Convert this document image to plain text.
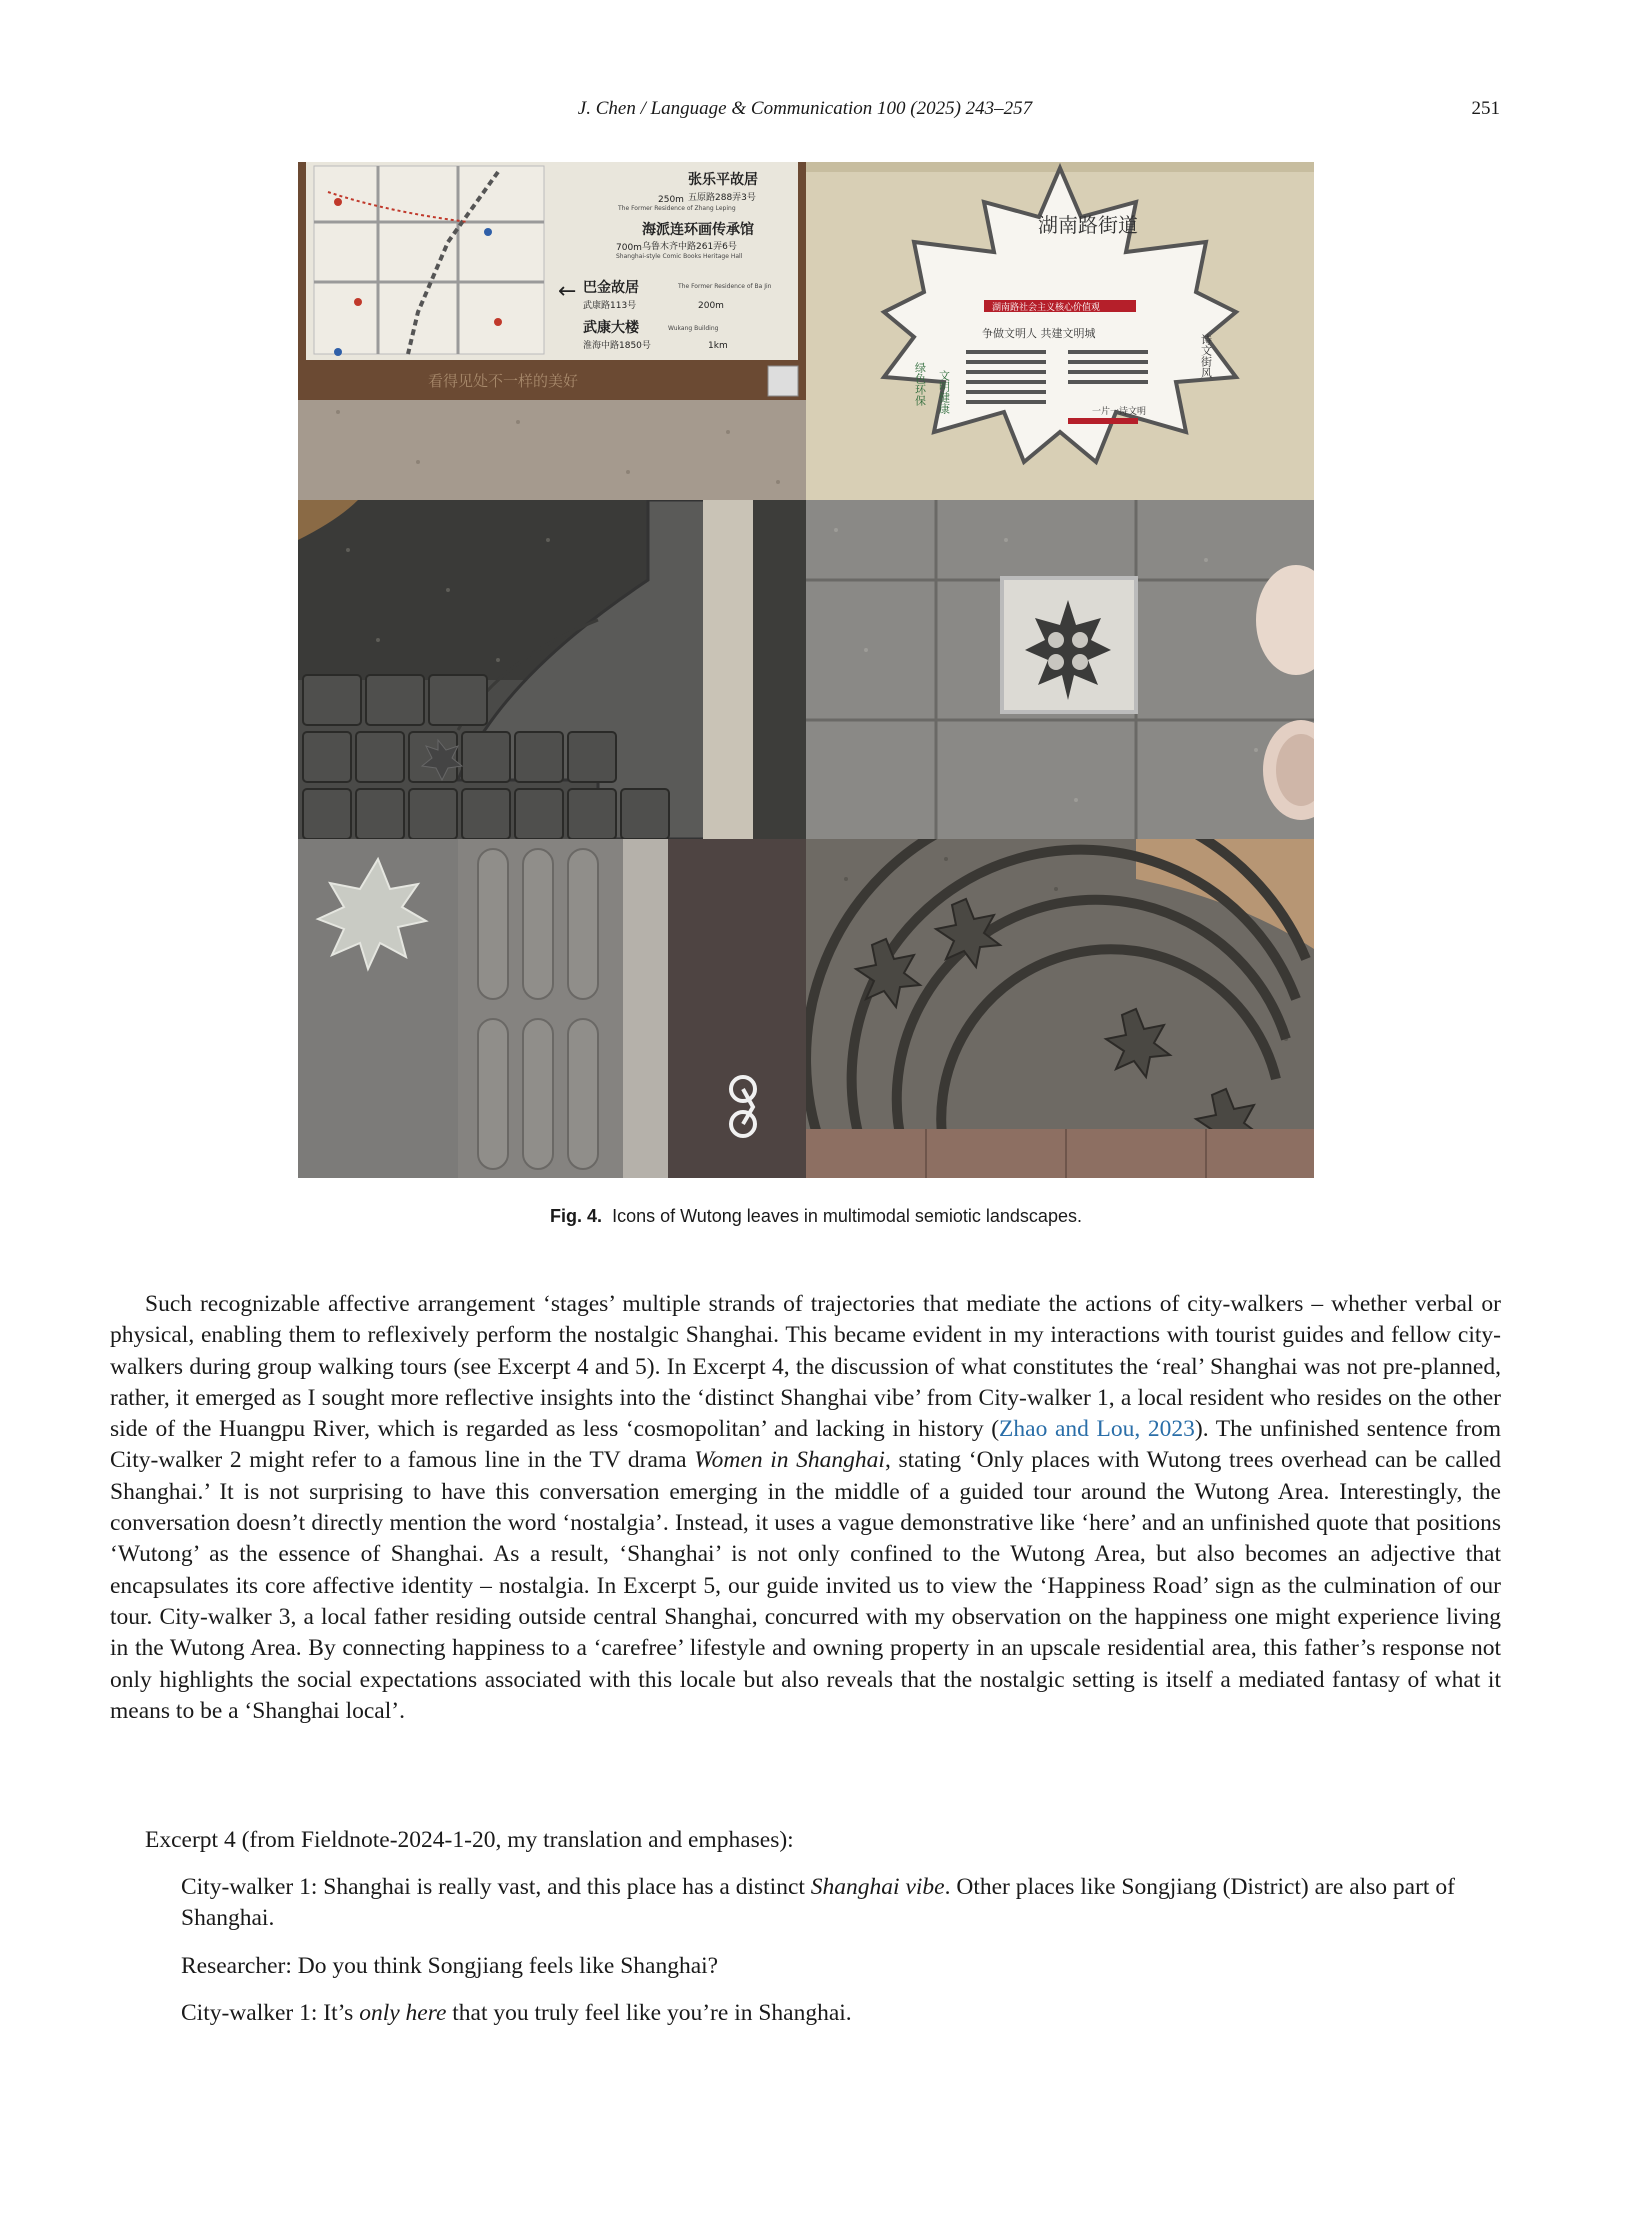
J. Chen / Language & Communication 100 (2025) 243–257	251
张乐平故居
250m 五原路288弄3号
The Former Residence of Zhang Leping
海派连环画传承馆
700m 乌鲁木齐中路261弄6号
Shanghai-style Comic Books Heritage Hall
← 巴金故居
武康路113号
The Former Residence of Ba Jin
200m
武康大楼
淮海中路1850号
Wukang Building
1km
看得见处不一样的美好
湖南路街道
湖南路社会主义核心价值观
争做文明人 共建文明城
绿色环保 文明健康
诗文街风
一片一诗文明
Fig. 4. Icons of Wutong leaves in multimodal semiotic landscapes.

Such recognizable affective arrangement ‘stages’ multiple strands of trajectories that mediate the actions of city-walkers – whether verbal or physical, enabling them to reflexively perform the nostalgic Shanghai. This became evident in my interactions with tourist guides and fellow city-walkers during group walking tours (see Excerpt 4 and 5). In Excerpt 4, the discussion of what constitutes the ‘real’ Shanghai was not pre-planned, rather, it emerged as I sought more reflective insights into the ‘distinct Shanghai vibe’ from City-walker 1, a local resident who resides on the other side of the Huangpu River, which is regarded as less ‘cosmopolitan’ and lacking in history (Zhao and Lou, 2023). The unfinished sentence from City-walker 2 might refer to a famous line in the TV drama Women in Shanghai, stating ‘Only places with Wutong trees overhead can be called Shanghai.’ It is not surprising to have this conversation emerging in the middle of a guided tour around the Wutong Area. Interestingly, the conversation doesn’t directly mention the word ‘nostalgia’. Instead, it uses a vague demonstrative like ‘here’ and an unfinished quote that positions ‘Wutong’ as the essence of Shanghai. As a result, ‘Shanghai’ is not only confined to the Wutong Area, but also becomes an adjective that encapsulates its core affective identity – nostalgia. In Excerpt 5, our guide invited us to view the ‘Happiness Road’ sign as the culmination of our tour. City-walker 3, a local father residing outside central Shanghai, concurred with my observation on the happiness one might experience living in the Wutong Area. By connecting happiness to a ‘carefree’ lifestyle and owning property in an upscale residential area, this father’s response not only highlights the social expectations associated with this locale but also reveals that the nostalgic setting is itself a mediated fantasy of what it means to be a ‘Shanghai local’.

Excerpt 4 (from Fieldnote-2024-1-20, my translation and emphases):
City-walker 1: Shanghai is really vast, and this place has a distinct Shanghai vibe. Other places like Songjiang (District) are also part of Shanghai.
Researcher: Do you think Songjiang feels like Shanghai?
City-walker 1: It’s only here that you truly feel like you’re in Shanghai.
